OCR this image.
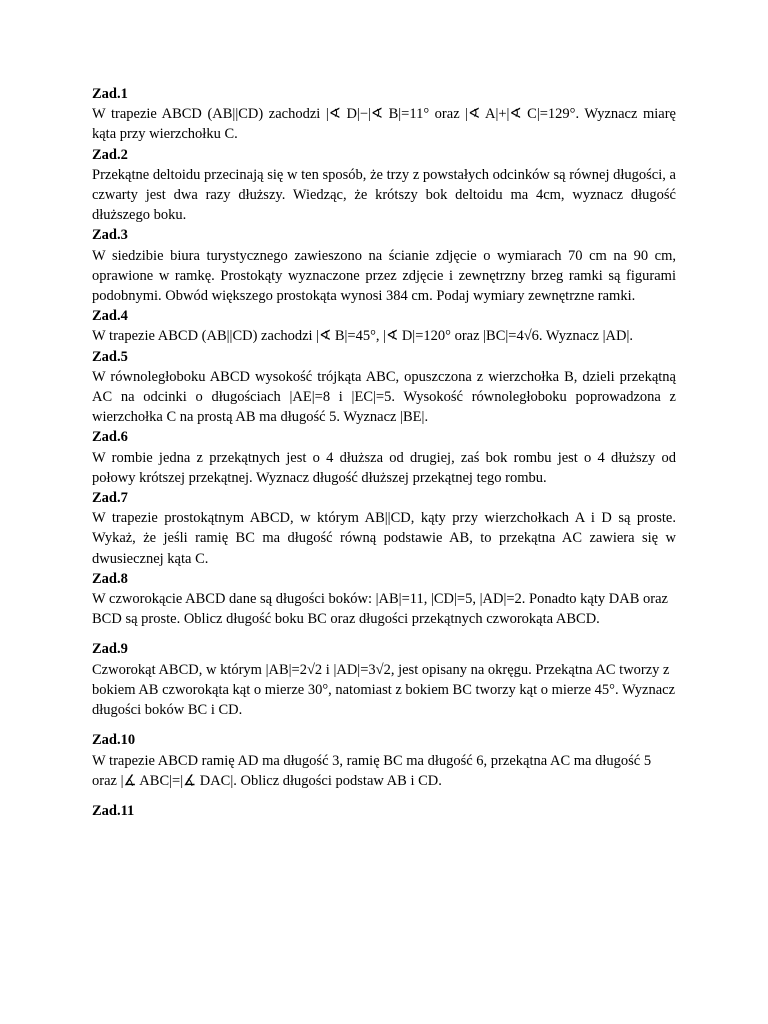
Zad.1
W trapezie ABCD (AB||CD) zachodzi |∢ D|−|∢ B|=11° oraz |∢ A|+|∢ C|=129°. Wyznacz miarę kąta przy wierzchołku C.
Zad.2
Przekątne deltoidu przecinają się w ten sposób, że trzy z powstałych odcinków są równej długości, a czwarty jest dwa razy dłuższy. Wiedząc, że krótszy bok deltoidu ma 4cm, wyznacz długość dłuższego boku.
Zad.3
W siedzibie biura turystycznego zawieszono na ścianie zdjęcie o wymiarach 70 cm na 90 cm, oprawione w ramkę. Prostokąty wyznaczone przez zdjęcie i zewnętrzny brzeg ramki są figurami podobnymi. Obwód większego prostokąta wynosi 384 cm. Podaj wymiary zewnętrzne ramki.
Zad.4
W trapezie ABCD (AB||CD) zachodzi |∢ B|=45°, |∢ D|=120° oraz |BC|=4√6. Wyznacz |AD|.
Zad.5
W równoległoboku ABCD wysokość trójkąta ABC, opuszczona z wierzchołka B, dzieli przekątną AC na odcinki o długościach |AE|=8 i |EC|=5. Wysokość równoległoboku poprowadzona z wierzchołka C na prostą AB ma długość 5. Wyznacz |BE|.
Zad.6
W rombie jedna z przekątnych jest o 4 dłuższa od drugiej, zaś bok rombu jest o 4 dłuższy od połowy krótszej przekątnej. Wyznacz długość dłuższej przekątnej tego rombu.
Zad.7
W trapezie prostokątnym ABCD, w którym AB||CD, kąty przy wierzchołkach A i D są proste. Wykaż, że jeśli ramię BC ma długość równą podstawie AB, to przekątna AC zawiera się w dwusiecznej kąta C.
Zad.8
W czworokącie ABCD dane są długości boków: |AB|=11, |CD|=5, |AD|=2. Ponadto kąty DAB oraz BCD są proste. Oblicz długość boku BC oraz długości przekątnych czworokąta ABCD.
Zad.9
Czworokąt ABCD, w którym |AB|=2√2 i |AD|=3√2, jest opisany na okręgu. Przekątna AC tworzy z bokiem AB czworokąta kąt o mierze 30°, natomiast z bokiem BC tworzy kąt o mierze 45°. Wyznacz długości boków BC i CD.
Zad.10
W trapezie ABCD ramię AD ma długość 3, ramię BC ma długość 6, przekątna AC ma długość 5 oraz |∡ ABC|=|∡ DAC|. Oblicz długości podstaw AB i CD.
Zad.11
